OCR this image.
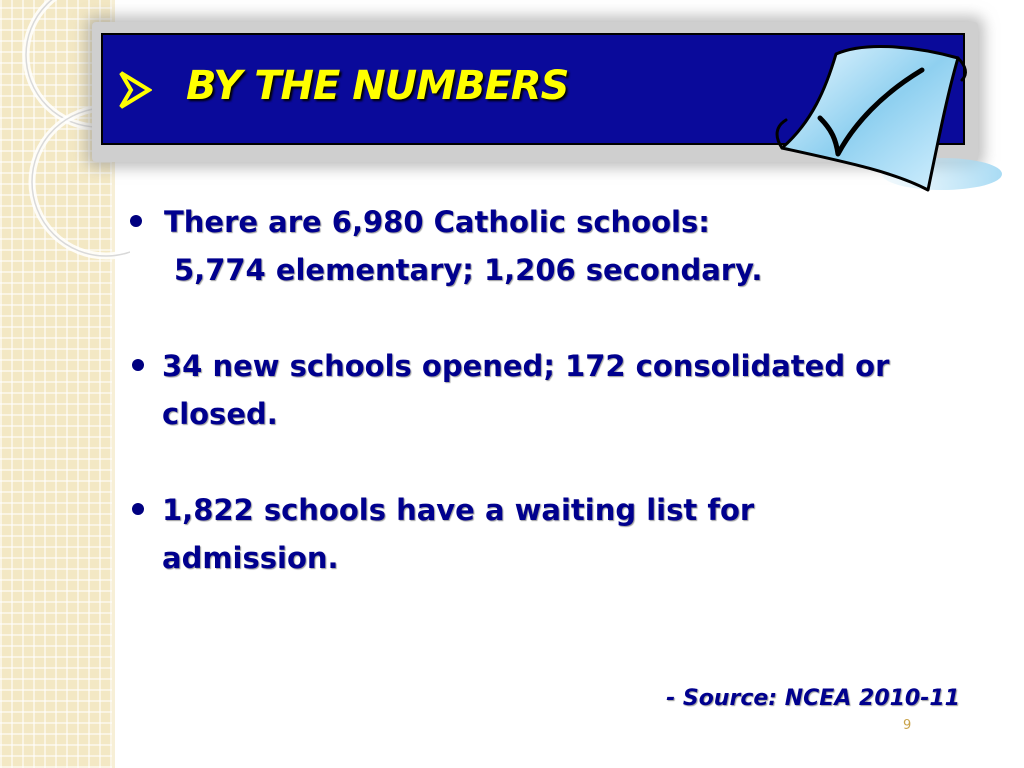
BY THE NUMBERS
There are 6,980 Catholic schools:
5,774 elementary; 1,206 secondary.
34 new schools opened; 172 consolidated or
closed.
1,822 schools have a waiting list for
admission.
- Source: NCEA 2010-11
9
